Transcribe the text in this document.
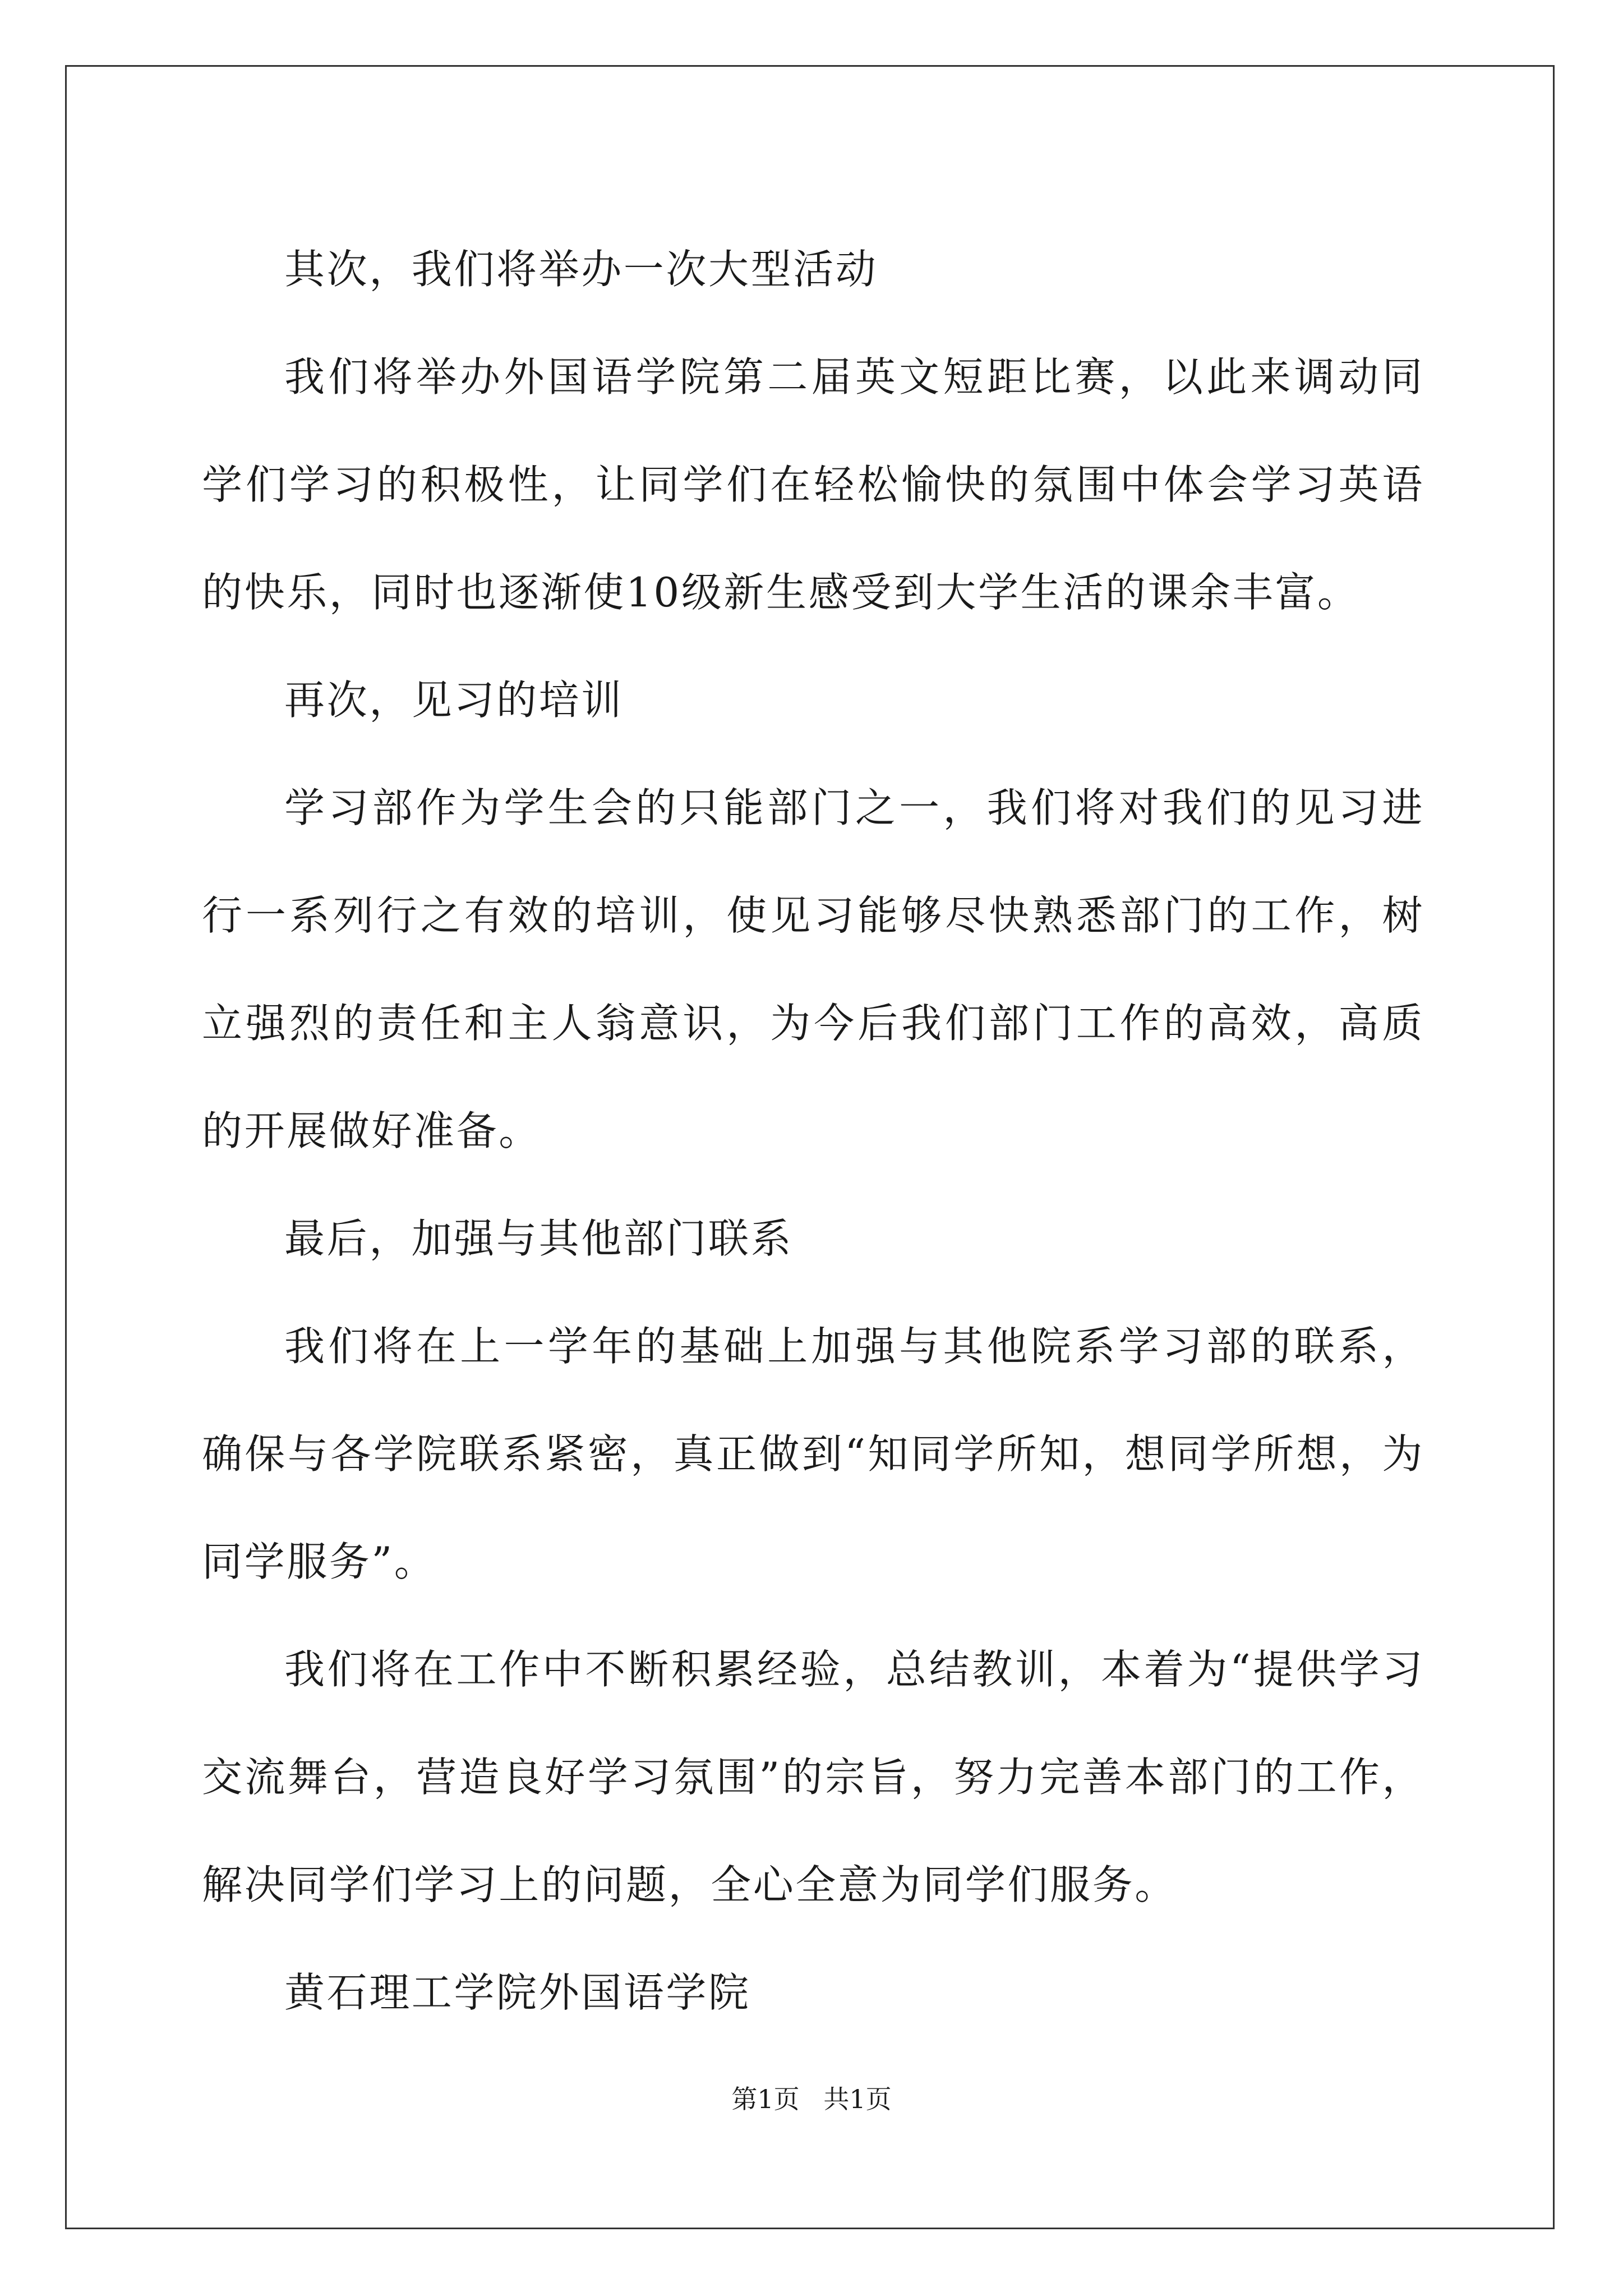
其次，我们将举办一次大型活动

我们将举办外国语学院第二届英文短距比赛，以此来调动同学们学习的积极性，让同学们在轻松愉快的氛围中体会学习英语的快乐，同时也逐渐使10级新生感受到大学生活的课余丰富。

再次，见习的培训

学习部作为学生会的只能部门之一，我们将对我们的见习进行一系列行之有效的培训，使见习能够尽快熟悉部门的工作，树立强烈的责任和主人翁意识，为今后我们部门工作的高效，高质的开展做好准备。

最后，加强与其他部门联系

我们将在上一学年的基础上加强与其他院系学习部的联系，确保与各学院联系紧密，真正做到“知同学所知，想同学所想，为同学服务”。

我们将在工作中不断积累经验，总结教训，本着为“提供学习交流舞台，营造良好学习氛围”的宗旨，努力完善本部门的工作，解决同学们学习上的问题，全心全意为同学们服务。

黄石理工学院外国语学院

第1页 共1页
